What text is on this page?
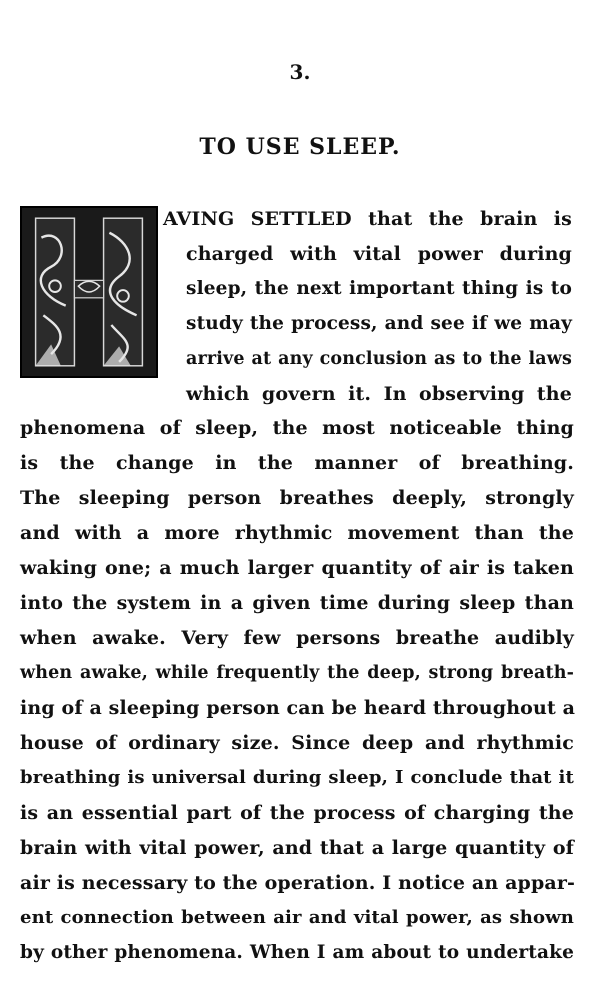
3.
TO USE SLEEP.
AVING SETTLED that the brain is
charged with vital power during
sleep, the next important thing is to
study the process, and see if we may
arrive at any conclusion as to the laws
which govern it. In observing the
phenomena of sleep, the most noticeable thing
is the change in the manner of breathing.
The sleeping person breathes deeply, strongly
and with a more rhythmic movement than the
waking one; a much larger quantity of air is taken
into the system in a given time during sleep than
when awake. Very few persons breathe audibly
when awake, while frequently the deep, strong breath-
ing of a sleeping person can be heard throughout a
house of ordinary size. Since deep and rhythmic
breathing is universal during sleep, I conclude that it
is an essential part of the process of charging the
brain with vital power, and that a large quantity of
air is necessary to the operation. I notice an appar-
ent connection between air and vital power, as shown
by other phenomena. When I am about to undertake
